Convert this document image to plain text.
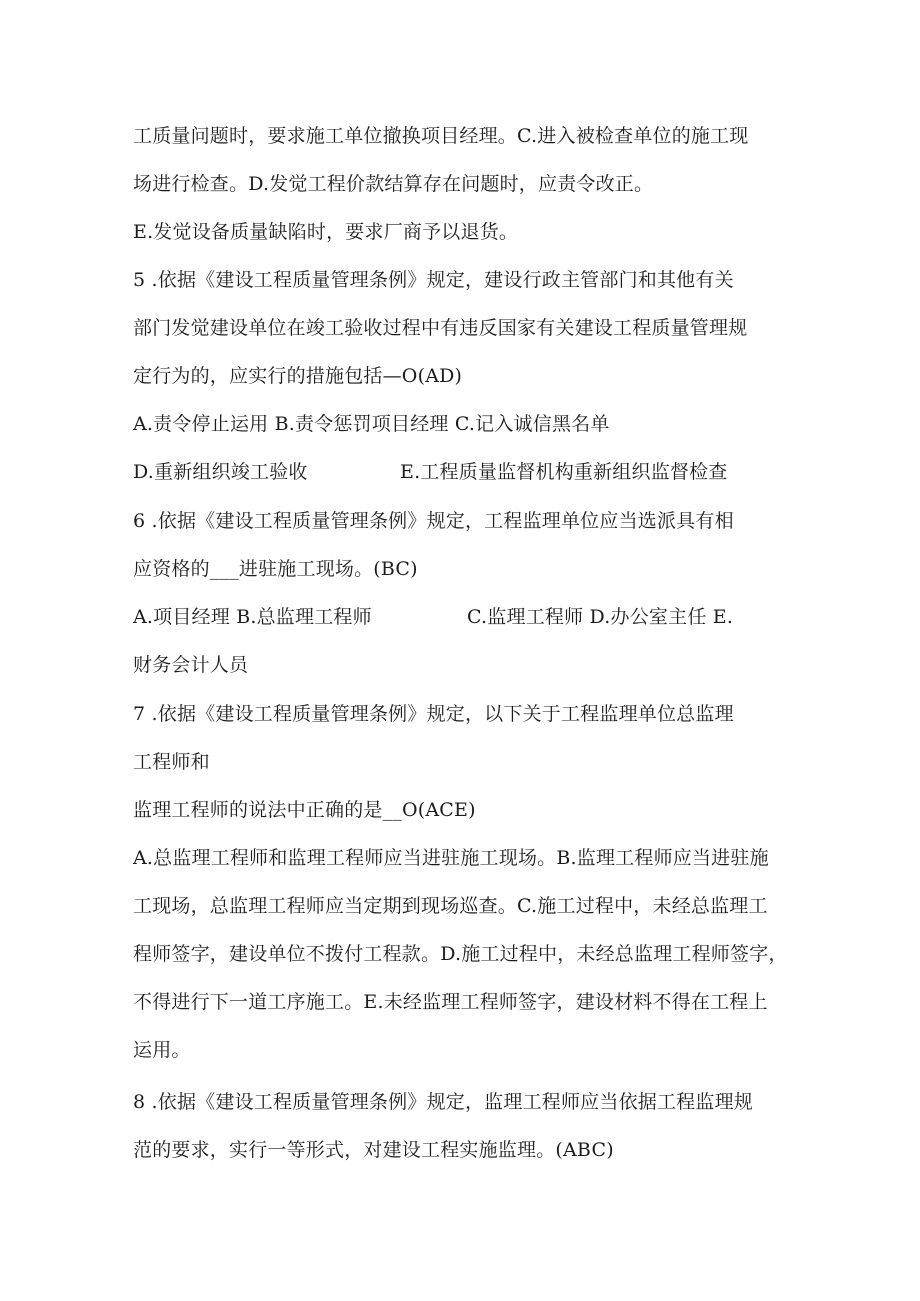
工质量问题时，要求施工单位撤换项目经理。C.进入被检查单位的施工现
场进行检查。D.发觉工程价款结算存在问题时，应责令改正。
E.发觉设备质量缺陷时，要求厂商予以退货。
5 .依据《建设工程质量管理条例》规定，建设行政主管部门和其他有关
部门发觉建设单位在竣工验收过程中有违反国家有关建设工程质量管理规
定行为的，应实行的措施包括—O(AD)
A.责令停止运用 B.责令惩罚项目经理 C.记入诚信黑名单
D.重新组织竣工验收	E.工程质量监督机构重新组织监督检查
6 .依据《建设工程质量管理条例》规定，工程监理单位应当选派具有相
应资格的___进驻施工现场。(BC)
A.项目经理 B.总监理工程师	C.监理工程师 D.办公室主任 E.
财务会计人员
7 .依据《建设工程质量管理条例》规定，以下关于工程监理单位总监理
工程师和
监理工程师的说法中正确的是__O(ACE)
A.总监理工程师和监理工程师应当进驻施工现场。B.监理工程师应当进驻施
工现场，总监理工程师应当定期到现场巡查。C.施工过程中，未经总监理工
程师签字，建设单位不拨付工程款。D.施工过程中，未经总监理工程师签字，
不得进行下一道工序施工。E.未经监理工程师签字，建设材料不得在工程上
运用。
8 .依据《建设工程质量管理条例》规定，监理工程师应当依据工程监理规
范的要求，实行一等形式，对建设工程实施监理。(ABC)
